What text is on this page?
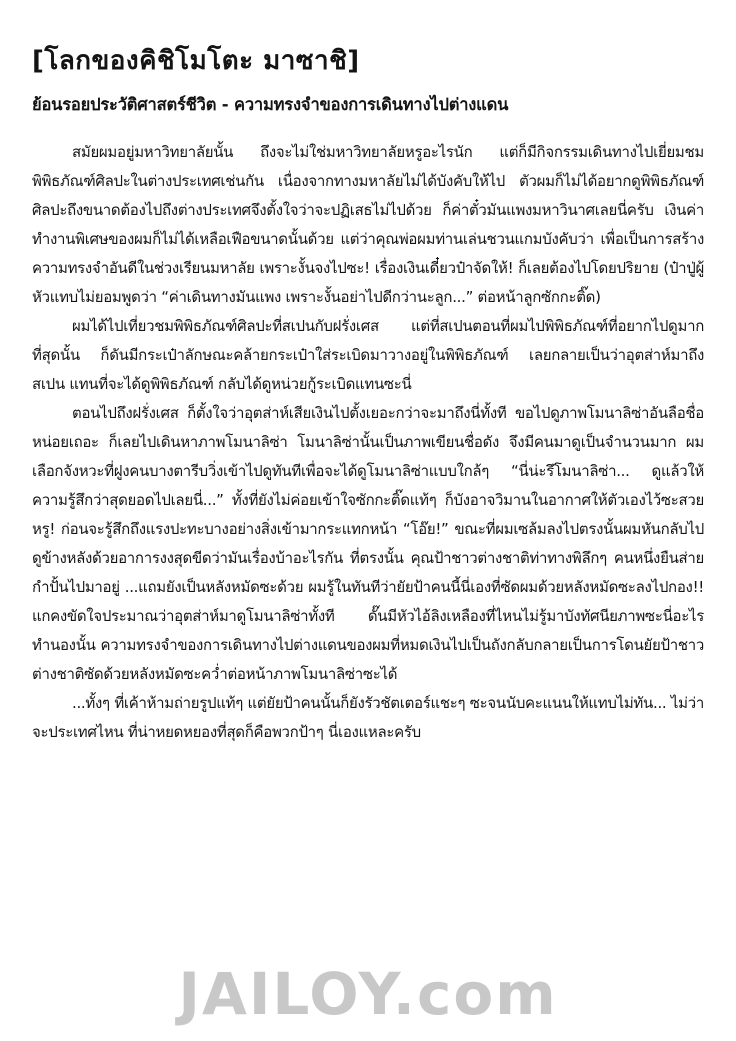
[โลกของคิชิโมโตะ มาซาชิ]
ย้อนรอยประวัติศาสตร์ชีวิต - ความทรงจำของการเดินทางไปต่างแดน

สมัยผมอยู่มหาวิทยาลัยนั้น ถึงจะไม่ใช่มหาวิทยาลัยหรูอะไรนัก แต่ก็มีกิจกรรมเดินทางไปเยี่ยมชมพิพิธภัณฑ์ศิลปะในต่างประเทศเช่นกัน เนื่องจากทางมหาลัยไม่ได้บังคับให้ไป ตัวผมก็ไม่ได้อยากดูพิพิธภัณฑ์ศิลปะถึงขนาดต้องไปถึงต่างประเทศจึงตั้งใจว่าจะปฏิเสธไม่ไปด้วย ก็ค่าตั๋วมันแพงมหาวินาศเลยนี่ครับ เงินค่าทำงานพิเศษของผมก็ไม่ได้เหลือเฟือขนาดนั้นด้วย แต่ว่าคุณพ่อผมท่านเล่นชวนแกมบังคับว่า เพื่อเป็นการสร้างความทรงจำอันดีในช่วงเรียนมหาลัย เพราะงั้นจงไปซะ! เรื่องเงินเดี๋ยวป๋าจัดให้! ก็เลยต้องไปโดยปริยาย (ป๋าปู่ผู้หัวแทบไม่ยอมพูดว่า “ค่าเดินทางมันแพง เพราะงั้นอย่าไปดีกว่านะลูก...” ต่อหน้าลูกซักกะติ๊ด)

ผมได้ไปเที่ยวชมพิพิธภัณฑ์ศิลปะที่สเปนกับฝรั่งเศส แต่ที่สเปนตอนที่ผมไปพิพิธภัณฑ์ที่อยากไปดูมากที่สุดนั้น ก็ดันมีกระเป๋าลักษณะคล้ายกระเป๋าใส่ระเบิดมาวางอยู่ในพิพิธภัณฑ์ เลยกลายเป็นว่าอุตส่าห์มาถึงสเปน แทนที่จะได้ดูพิพิธภัณฑ์ กลับได้ดูหน่วยกู้ระเบิดแทนซะนี่

ตอนไปถึงฝรั่งเศส ก็ตั้งใจว่าอุตส่าห์เสียเงินไปตั้งเยอะกว่าจะมาถึงนี่ทั้งที ขอไปดูภาพโมนาลิซ่าอันลือชื่อหน่อยเถอะ ก็เลยไปเดินหาภาพโมนาลิซ่า โมนาลิซ่านั้นเป็นภาพเขียนชื่อดัง จึงมีคนมาดูเป็นจำนวนมาก ผมเลือกจังหวะที่ฝูงคนบางตารีบวิ่งเข้าไปดูทันทีเพื่อจะได้ดูโมนาลิซ่าแบบใกล้ๆ “นี่น่ะรึโมนาลิซ่า... ดูแล้วให้ความรู้สึกว่าสุดยอดไปเลยนี่...” ทั้งที่ยังไม่ค่อยเข้าใจซักกะติ๊ดแท้ๆ ก็บังอาจวิมานในอากาศให้ตัวเองไว้ซะสวยหรู! ก่อนจะรู้สึกถึงแรงปะทะบางอย่างสิ่งเข้ามากระแทกหน้า “โอ๊ย!” ขณะที่ผมเซล้มลงไปตรงนั้นผมหันกลับไปดูข้างหลังด้วยอาการงงสุดขีดว่ามันเรื่องบ้าอะไรกัน ที่ตรงนั้น คุณป้าชาวต่างชาติท่าทางพิลึกๆ คนหนึ่งยืนส่ายกำปั้นไปมาอยู่ ...แถมยังเป็นหลังหมัดซะด้วย ผมรู้ในทันทีว่ายัยป้าคนนี้นี่เองที่ซัดผมด้วยหลังหมัดซะลงไปกอง!! แกคงขัดใจประมาณว่าอุตส่าห์มาดูโมนาลิซ่าทั้งที ดั๊นมีหัวไอ้ลิงเหลือง​ที่ไหนไม่รู้มาบังทัศนียภาพซะนี่อะไรทำนองนั้น ความทรงจำของการเดินทางไปต่างแดนของผมที่หมดเงินไปเป็นถังกลับกลายเป็นการโดนยัยป้าชาวต่างชาติซัดด้วยหลังหมัดซะคว่ำต่อหน้าภาพโมนาลิซ่าซะได้

...ทั้งๆ ที่เค้าห้ามถ่ายรูปแท้ๆ แต่ยัยป้าคนนั้นก็ยังรัวชัตเตอร์แชะๆ ซะจนนับคะแนนให้แทบไม่ทัน... ไม่ว่าจะประเทศไหน ที่น่าหยดหยองที่สุดก็คือพวกป้าๆ นี่เองแหละครับ

JAILOY.com
